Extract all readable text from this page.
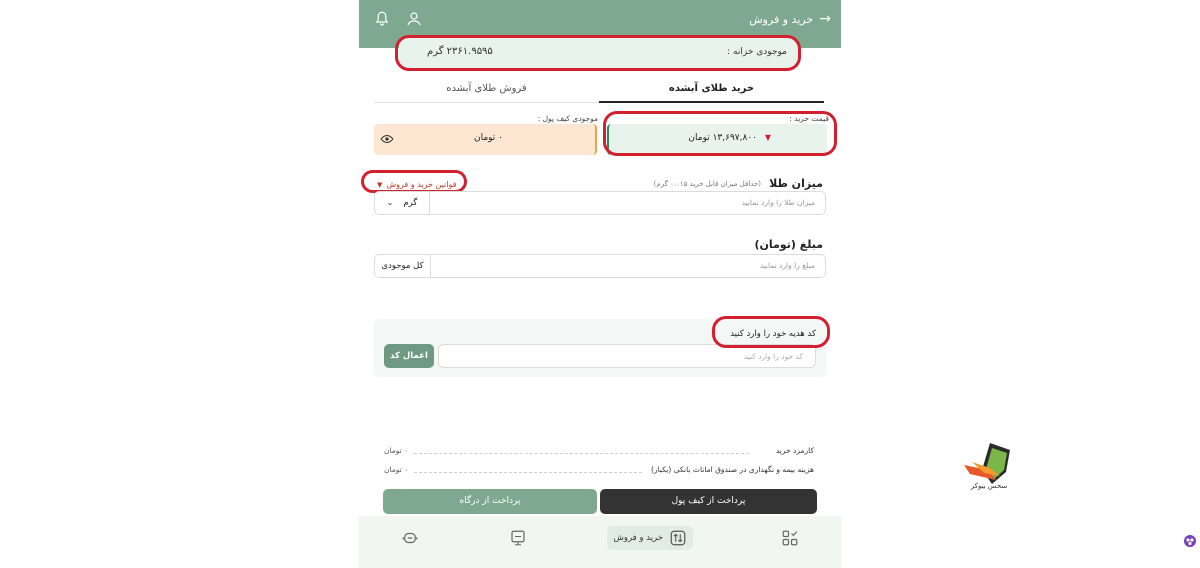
→
خرید و فروش
موجودی خزانه :
۲۳۶۱.۹۵۹۵ گرم
خرید طلای آبشده
فروش طلای آبشده
قیمت خرید :
موجودی کیف پول :
▼
۱۳,۶۹۷,۸۰۰ تومان
۰ تومان
میزان طلا
(حداقل میزان قابل خرید ۰.۰۱۵ گرم)
قوانین خرید و فروش
▼
میزان طلا را وارد نمایید
گرم
⌄
مبلغ (تومان)
مبلغ را وارد نمایید
کل موجودی
کد هدیه خود را وارد کنید
کد خود را وارد کنید
اعمال کد
کارمزد خرید
۰ تومان
هزینه بیمه و نگهداری در صندوق امانات بانکی (یکبار)
۰ تومان
پرداخت از کیف پول
پرداخت از درگاه
خرید و فروش
سحس بیوکر
